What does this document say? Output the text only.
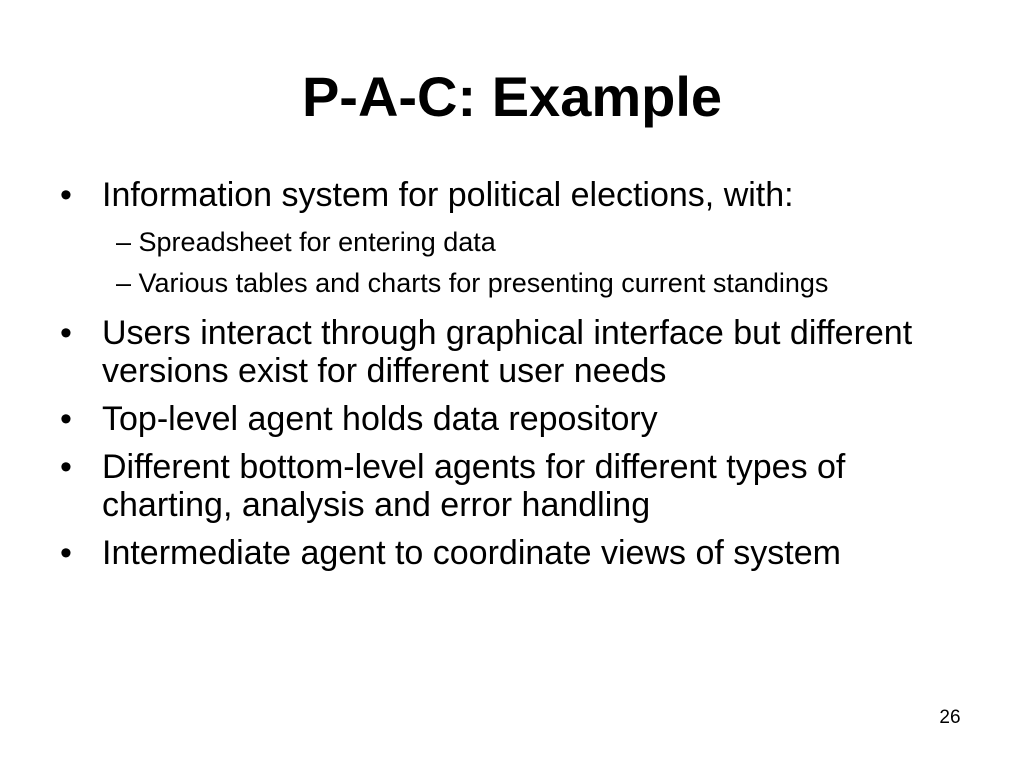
P-A-C: Example
• Information system for political elections, with:
– Spreadsheet for entering data
– Various tables and charts for presenting current standings
• Users interact through graphical interface but different versions exist for different user needs
• Top-level agent holds data repository
• Different bottom-level agents for different types of charting, analysis and error handling
• Intermediate agent to coordinate views of system
26
